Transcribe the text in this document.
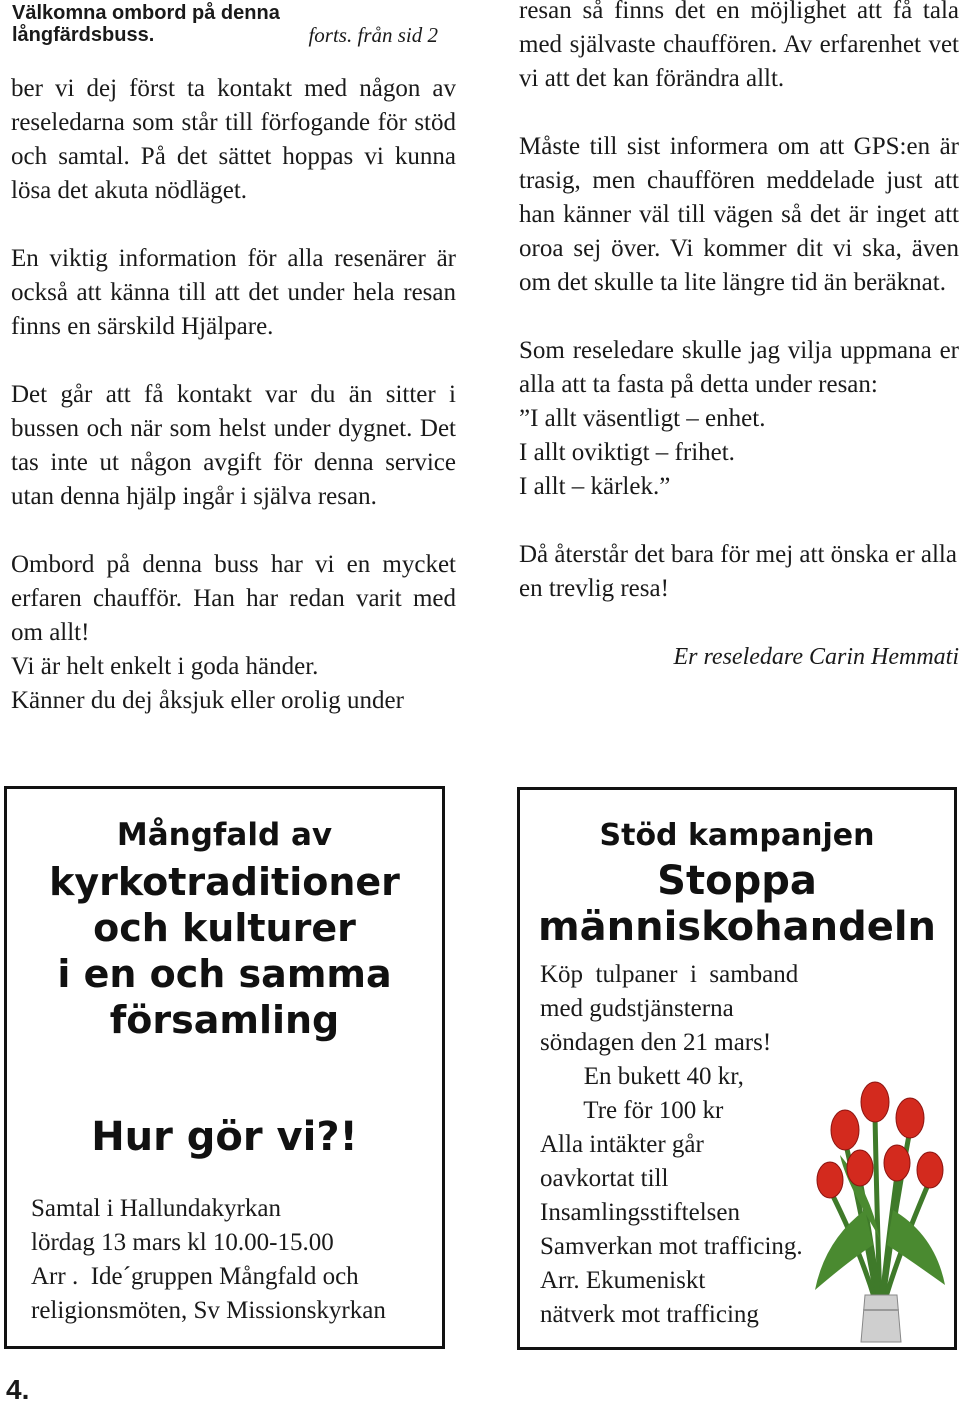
Välkomna ombord på denna
långfärdsbuss.	forts. från sid 2

ber vi dej först ta kontakt med någon av reseledarna som står till förfogande för stöd och samtal. På det sättet hoppas vi kunna lösa det akuta nödläget.

En viktig information för alla resenärer är också att känna till att det under hela resan finns en särskild Hjälpare.

Det går att få kontakt var du än sitter i bussen och när som helst under dygnet. Det tas inte ut någon avgift för denna service utan denna hjälp ingår i själva resan.

Ombord på denna buss har vi en mycket erfaren chaufför. Han har redan varit med om allt!

Vi är helt enkelt i goda händer.

Känner du dej åksjuk eller orolig under

resan så finns det en möjlighet att få tala med självaste chauffören. Av erfarenhet vet vi att det kan förändra allt.

Måste till sist informera om att GPS:en är trasig, men chauffören meddelade just att han känner väl till vägen så det är inget att oroa sej över. Vi kommer dit vi ska, även om det skulle ta lite längre tid än beräknat.

Som reseledare skulle jag vilja uppmana er alla att ta fasta på detta under resan:

”I allt väsentligt – enhet.

I allt oviktigt – frihet.

I allt – kärlek.”

Då återstår det bara för mej att önska er alla en trevlig resa!

Er reseledare Carin Hemmati

Mångfald av
kyrkotraditioner
och kulturer
i en och samma
församling
Hur gör vi?!
Samtal i Hallundakyrkan
lördag 13 mars kl 10.00-15.00
Arr .  Ide´gruppen Mångfald och
religionsmöten, Sv Missionskyrkan
Stöd kampanjen
Stoppa
människohandeln

Köp  tulpaner  i  samband

med gudstjänsterna

söndagen den 21 mars!

En bukett 40 kr,

Tre för 100 kr

Alla intäkter går

oavkortat till

Insamlingsstiftelsen

Samverkan mot trafficing.

Arr. Ekumeniskt

nätverk mot trafficing

4.
